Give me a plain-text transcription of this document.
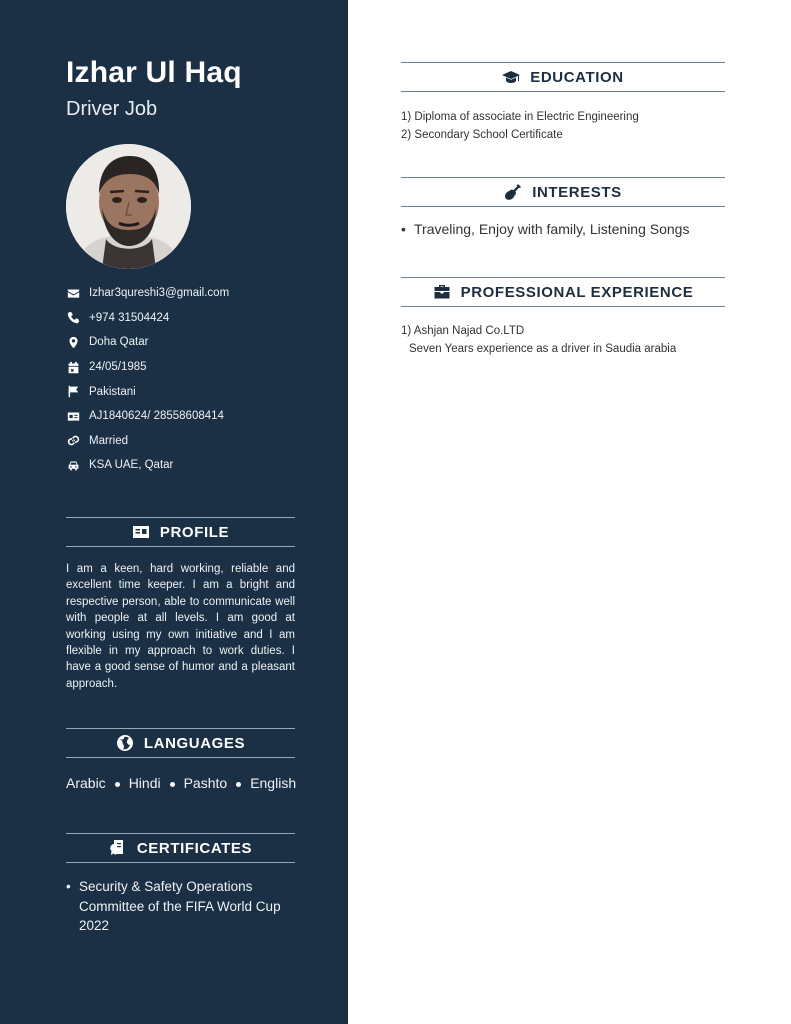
Izhar Ul Haq
Driver Job
Izhar3qureshi3@gmail.com
+974 31504424
Doha Qatar
24/05/1985
Pakistani
AJ1840624/ 28558608414
Married
KSA UAE, Qatar
PROFILE
I am a keen, hard working, reliable and excellent time keeper. I am a bright and respective person, able to communicate well with people at all levels. I am good at working using my own initiative and I am flexible in my approach to work duties. I have a good sense of humor and a pleasant approach.
LANGUAGES
Arabic Hindi Pashto English
CERTIFICATES
• Security & Safety Operations Committee of the FIFA World Cup 2022
EDUCATION
1) Diploma of associate in Electric Engineering
2) Secondary School Certificate
INTERESTS
• Traveling, Enjoy with family, Listening Songs
PROFESSIONAL EXPERIENCE
1) Ashjan Najad Co.LTD
Seven Years experience as a driver in Saudia arabia
